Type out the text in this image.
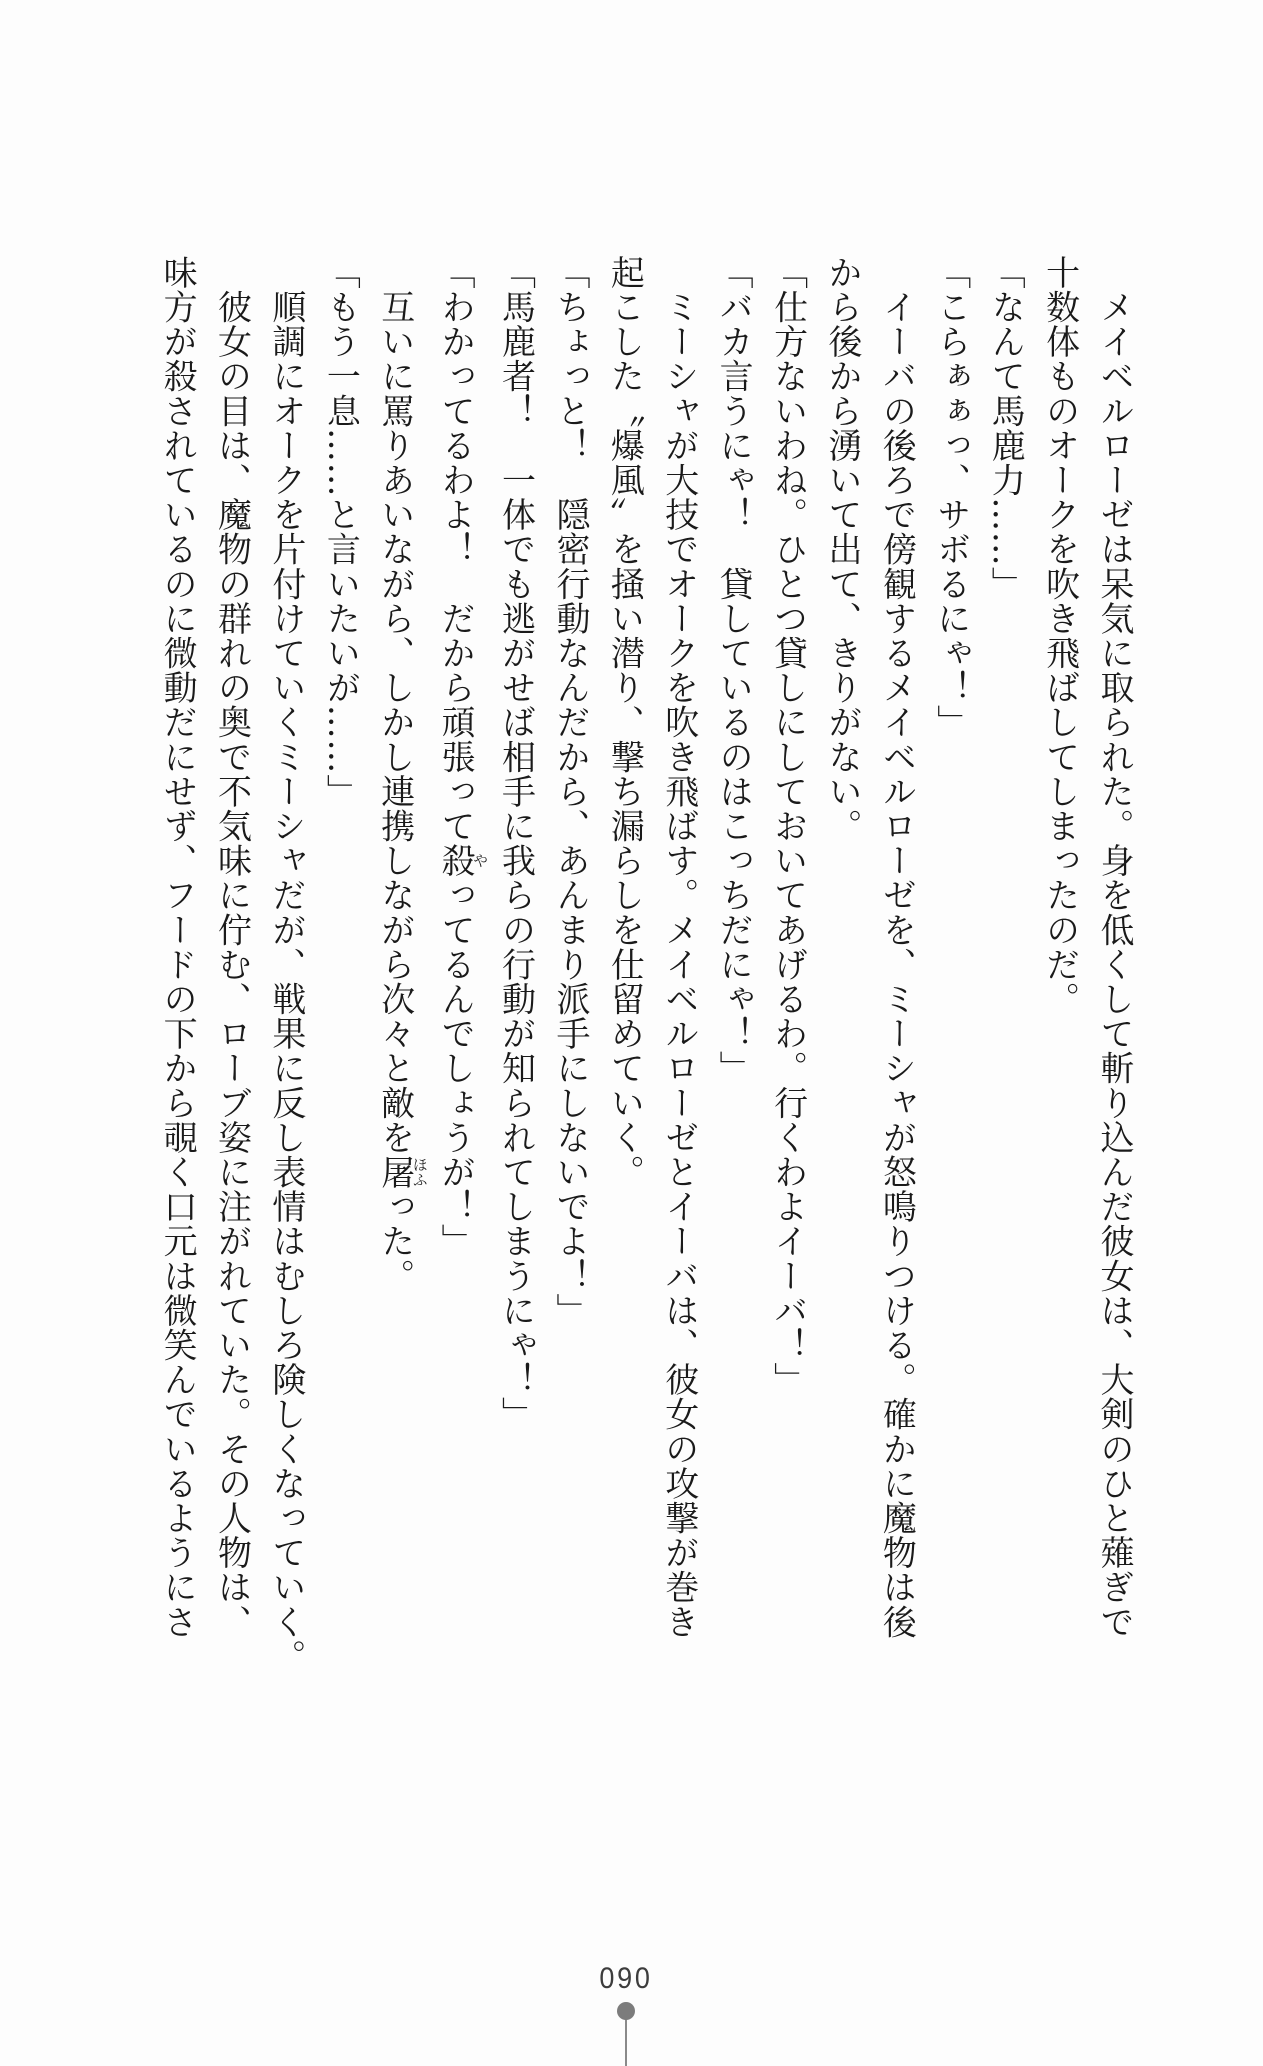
　メイベルローゼは呆気に取られた。身を低くして斬り込んだ彼女は、大剣のひと薙ぎで

十数体ものオークを吹き飛ばしてしまったのだ。

「なんて馬鹿力……」

「こらぁぁっ、サボるにゃ！」

　イーバの後ろで傍観するメイベルローゼを、ミーシャが怒鳴りつける。確かに魔物は後

から後から湧いて出て、きりがない。

「仕方ないわね。ひとつ貸しにしておいてあげるわ。行くわよイーバ！」

「バカ言うにゃ！　貸しているのはこっちだにゃ！」

　ミーシャが大技でオークを吹き飛ばす。メイベルローゼとイーバは、彼女の攻撃が巻き

起こした〝爆風〟を掻い潜り、撃ち漏らしを仕留めていく。

「ちょっと！　隠密行動なんだから、あんまり派手にしないでよ！」

「馬鹿者！　一体でも逃がせば相手に我らの行動が知られてしまうにゃ！」

「わかってるわよ！　だから頑張って殺やってるんでしょうが！」

　互いに罵りあいながら、しかし連携しながら次々と敵を屠ほふった。

「もう一息……と言いたいが……」

　順調にオークを片付けていくミーシャだが、戦果に反し表情はむしろ険しくなっていく。

　彼女の目は、魔物の群れの奥で不気味に佇む、ローブ姿に注がれていた。その人物は、

味方が殺されているのに微動だにせず、フードの下から覗く口元は微笑んでいるようにさ

090
